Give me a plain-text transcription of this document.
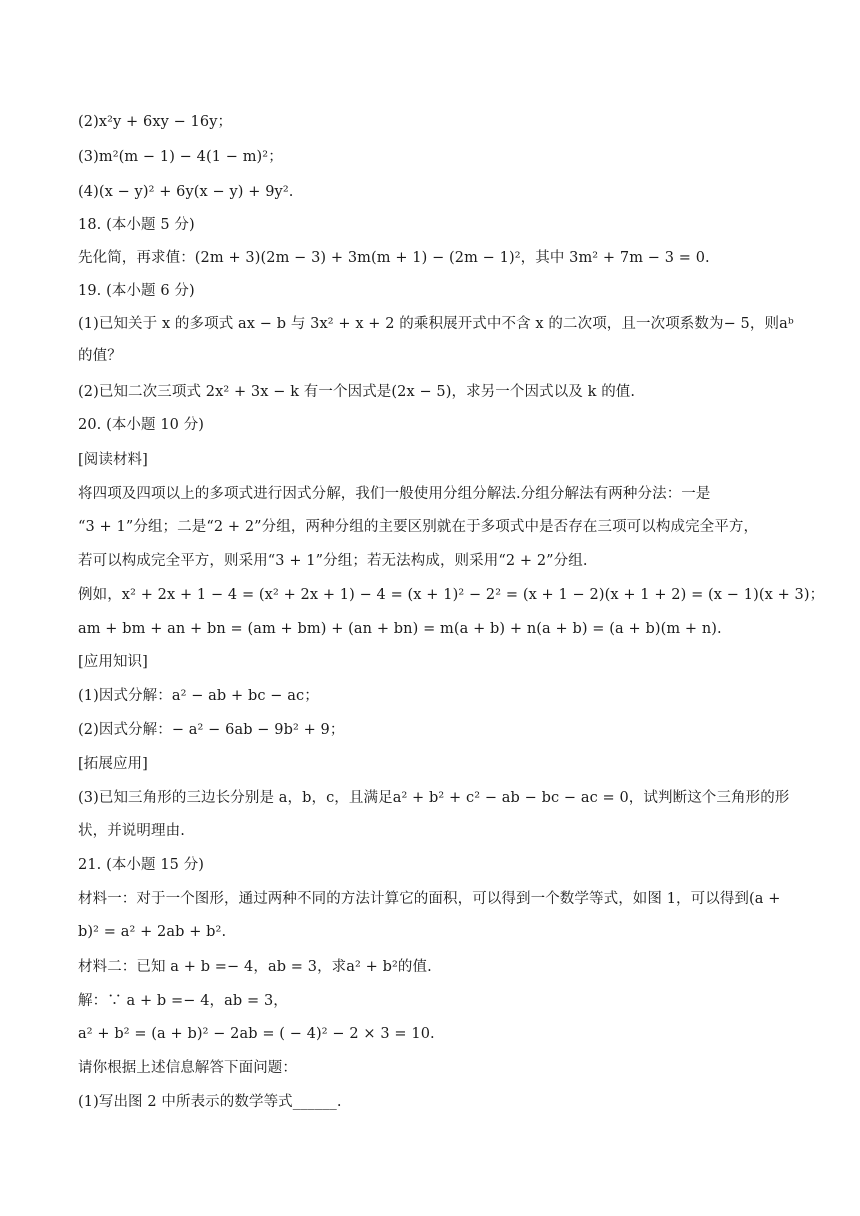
(2)x²y + 6xy − 16y；
(3)m²(m − 1) − 4(1 − m)²；
(4)(x − y)² + 6y(x − y) + 9y².
18. (本小题 5 分)
先化简，再求值：(2m + 3)(2m − 3) + 3m(m + 1) − (2m − 1)²，其中 3m² + 7m − 3 = 0.
19. (本小题 6 分)
(1)已知关于 x 的多项式 ax − b 与 3x² + x + 2 的乘积展开式中不含 x 的二次项，且一次项系数为− 5，则aᵇ
的值？
(2)已知二次三项式 2x² + 3x − k 有一个因式是(2x − 5)，求另一个因式以及 k 的值.
20. (本小题 10 分)
[阅读材料]
将四项及四项以上的多项式进行因式分解，我们一般使用分组分解法.分组分解法有两种分法：一是
“3 + 1”分组；二是“2 + 2”分组，两种分组的主要区别就在于多项式中是否存在三项可以构成完全平方，
若可以构成完全平方，则采用“3 + 1”分组；若无法构成，则采用“2 + 2”分组.
例如，x² + 2x + 1 − 4 = (x² + 2x + 1) − 4 = (x + 1)² − 2² = (x + 1 − 2)(x + 1 + 2) = (x − 1)(x + 3)；
am + bm + an + bn = (am + bm) + (an + bn) = m(a + b) + n(a + b) = (a + b)(m + n).
[应用知识]
(1)因式分解：a² − ab + bc − ac；
(2)因式分解：− a² − 6ab − 9b² + 9；
[拓展应用]
(3)已知三角形的三边长分别是 a，b，c，且满足a² + b² + c² − ab − bc − ac = 0，试判断这个三角形的形
状，并说明理由.
21. (本小题 15 分)
材料一：对于一个图形，通过两种不同的方法计算它的面积，可以得到一个数学等式，如图 1，可以得到(a +
b)² = a² + 2ab + b².
材料二：已知 a + b =− 4，ab = 3，求a² + b²的值.
解：∵ a + b =− 4，ab = 3，
a² + b² = (a + b)² − 2ab = ( − 4)² − 2 × 3 = 10.
请你根据上述信息解答下面问题：
(1)写出图 2 中所表示的数学等式______.
